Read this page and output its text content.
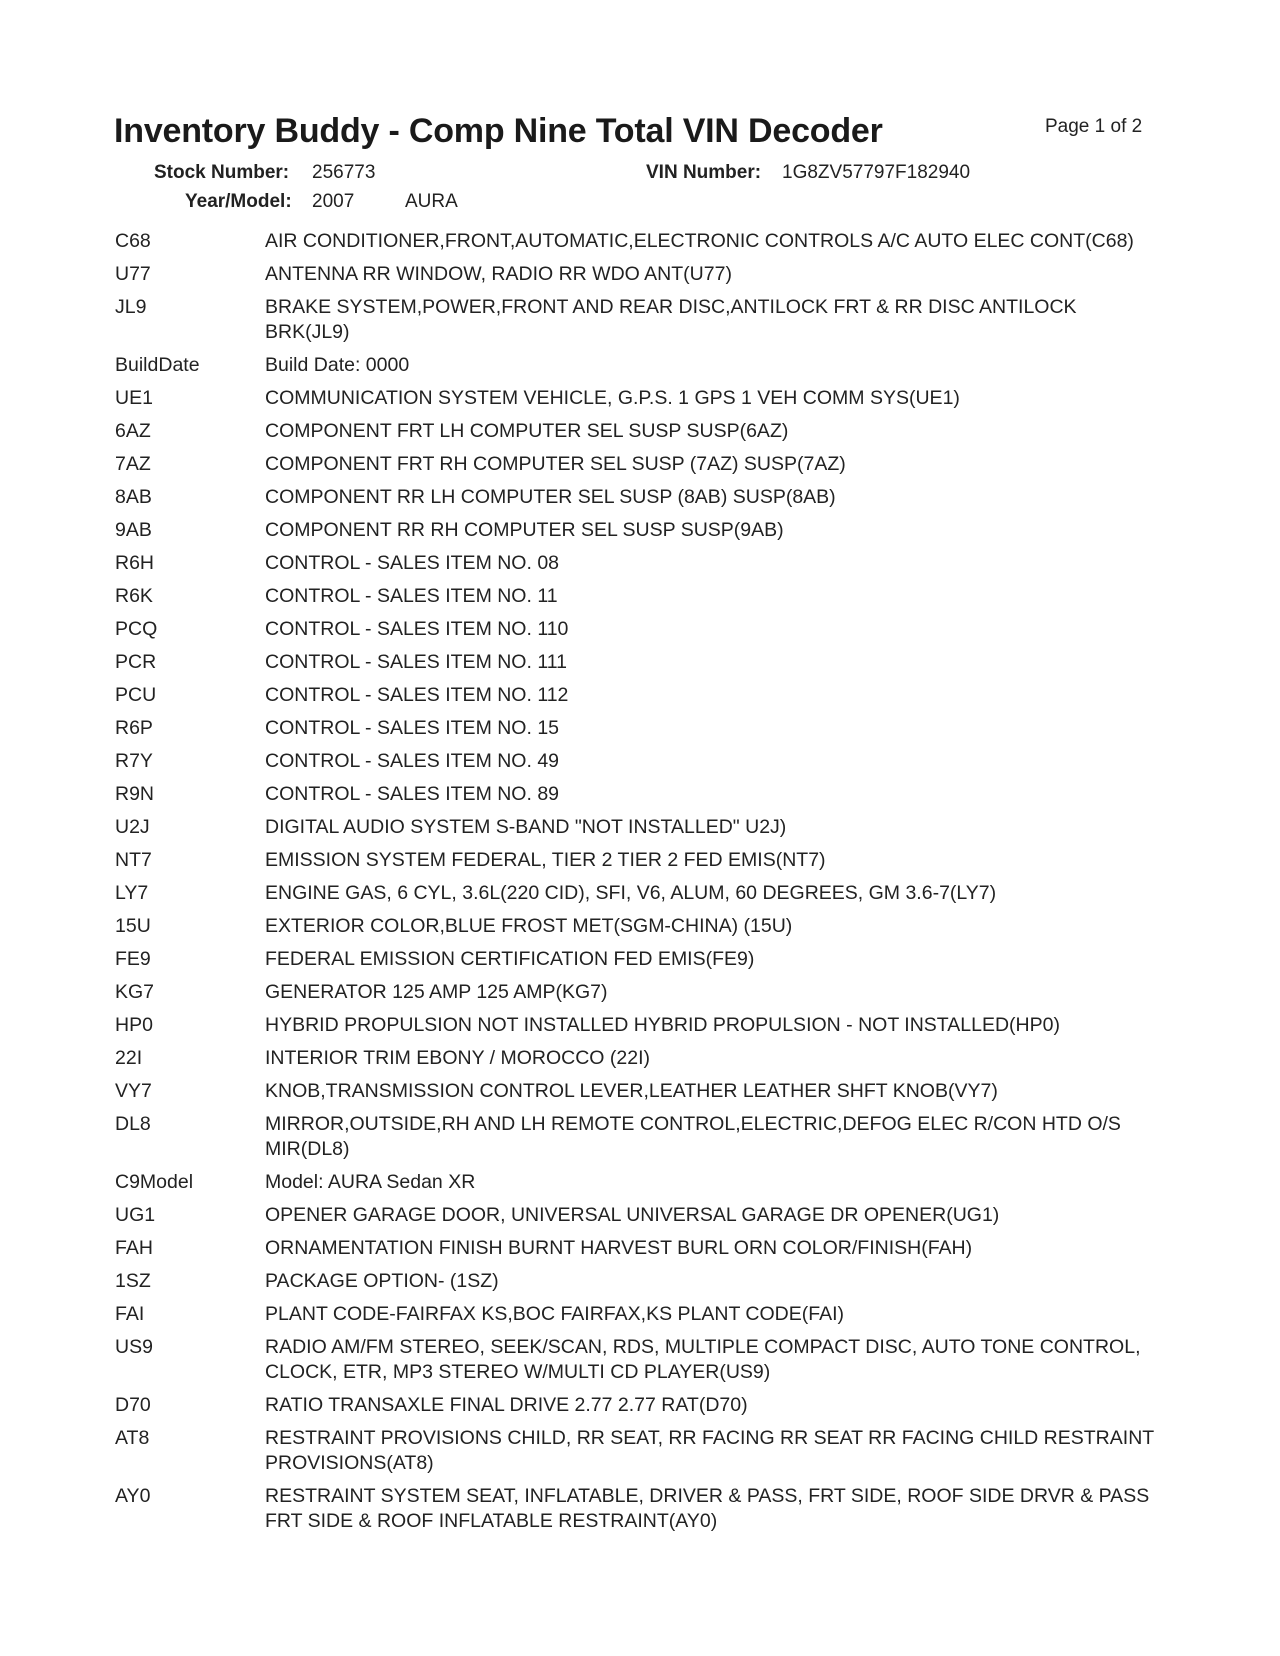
Inventory Buddy - Comp Nine Total VIN Decoder	Page 1 of 2
Stock Number: 256773	VIN Number: 1G8ZV57797F182940
Year/Model: 2007	AURA
C68	AIR CONDITIONER,FRONT,AUTOMATIC,ELECTRONIC CONTROLS A/C AUTO ELEC CONT(C68)
U77	ANTENNA RR WINDOW, RADIO RR WDO ANT(U77)
JL9	BRAKE SYSTEM,POWER,FRONT AND REAR DISC,ANTILOCK FRT & RR DISC ANTILOCK BRK(JL9)
BuildDate	Build Date: 0000
UE1	COMMUNICATION SYSTEM VEHICLE, G.P.S. 1 GPS 1 VEH COMM SYS(UE1)
6AZ	COMPONENT FRT LH COMPUTER SEL SUSP SUSP(6AZ)
7AZ	COMPONENT FRT RH COMPUTER SEL SUSP (7AZ) SUSP(7AZ)
8AB	COMPONENT RR LH COMPUTER SEL SUSP (8AB) SUSP(8AB)
9AB	COMPONENT RR RH COMPUTER SEL SUSP SUSP(9AB)
R6H	CONTROL - SALES ITEM NO. 08
R6K	CONTROL - SALES ITEM NO. 11
PCQ	CONTROL - SALES ITEM NO. 110
PCR	CONTROL - SALES ITEM NO. 111
PCU	CONTROL - SALES ITEM NO. 112
R6P	CONTROL - SALES ITEM NO. 15
R7Y	CONTROL - SALES ITEM NO. 49
R9N	CONTROL - SALES ITEM NO. 89
U2J	DIGITAL AUDIO SYSTEM S-BAND "NOT INSTALLED" U2J)
NT7	EMISSION SYSTEM FEDERAL, TIER 2 TIER 2 FED EMIS(NT7)
LY7	ENGINE GAS, 6 CYL, 3.6L(220 CID), SFI, V6, ALUM, 60 DEGREES, GM 3.6-7(LY7)
15U	EXTERIOR COLOR,BLUE FROST MET(SGM-CHINA) (15U)
FE9	FEDERAL EMISSION CERTIFICATION FED EMIS(FE9)
KG7	GENERATOR 125 AMP 125 AMP(KG7)
HP0	HYBRID PROPULSION NOT INSTALLED HYBRID PROPULSION - NOT INSTALLED(HP0)
22I	INTERIOR TRIM EBONY / MOROCCO (22I)
VY7	KNOB,TRANSMISSION CONTROL LEVER,LEATHER LEATHER SHFT KNOB(VY7)
DL8	MIRROR,OUTSIDE,RH AND LH REMOTE CONTROL,ELECTRIC,DEFOG ELEC R/CON HTD O/S MIR(DL8)
C9Model	Model: AURA Sedan XR
UG1	OPENER GARAGE DOOR, UNIVERSAL UNIVERSAL GARAGE DR OPENER(UG1)
FAH	ORNAMENTATION FINISH BURNT HARVEST BURL ORN COLOR/FINISH(FAH)
1SZ	PACKAGE OPTION- (1SZ)
FAI	PLANT CODE-FAIRFAX KS,BOC FAIRFAX,KS PLANT CODE(FAI)
US9	RADIO AM/FM STEREO, SEEK/SCAN, RDS, MULTIPLE COMPACT DISC, AUTO TONE CONTROL, CLOCK, ETR, MP3 STEREO W/MULTI CD PLAYER(US9)
D70	RATIO TRANSAXLE FINAL DRIVE 2.77 2.77 RAT(D70)
AT8	RESTRAINT PROVISIONS CHILD, RR SEAT, RR FACING RR SEAT RR FACING CHILD RESTRAINT PROVISIONS(AT8)
AY0	RESTRAINT SYSTEM SEAT, INFLATABLE, DRIVER & PASS, FRT SIDE, ROOF SIDE DRVR & PASS FRT SIDE & ROOF INFLATABLE RESTRAINT(AY0)
